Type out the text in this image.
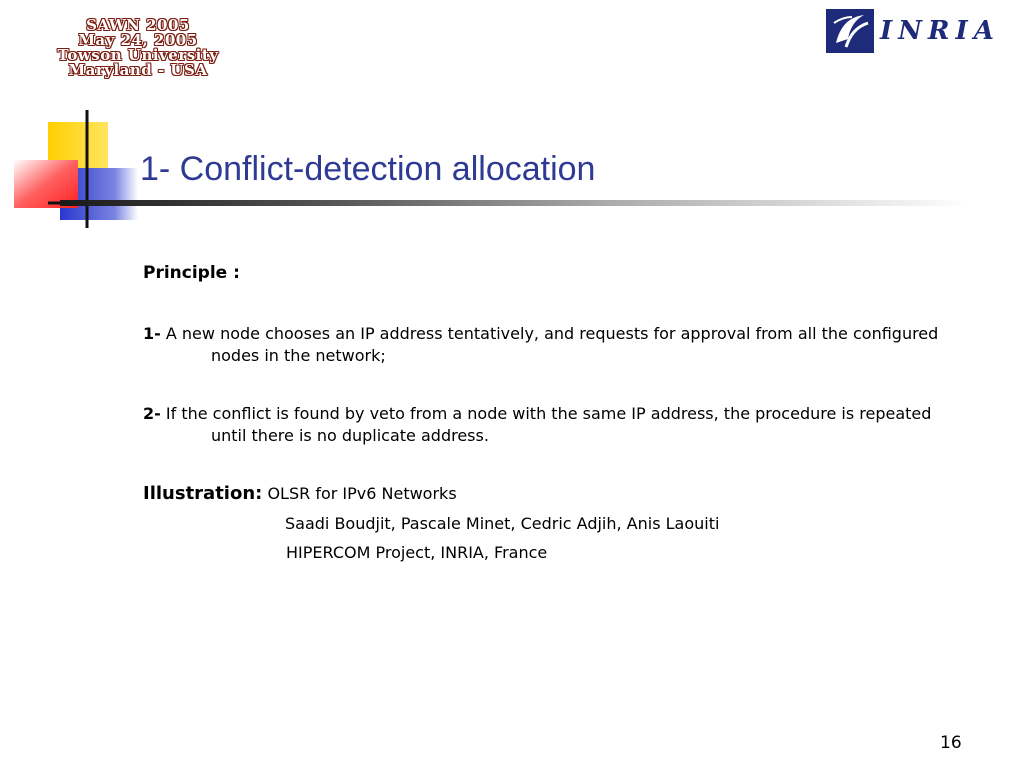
SAWN 2005
May 24, 2005
Towson University
Maryland - USA
INRIA
1- Conflict-detection allocation

Principle :

1- A new node chooses an IP address tentatively, and requests for approval from all the configured nodes in the network;

2- If the conflict is found by veto from a node with the same IP address, the procedure is repeated until there is no duplicate address.

Illustration: OLSR for IPv6 Networks

Saadi Boudjit, Pascale Minet, Cedric Adjih, Anis Laouiti

HIPERCOM Project, INRIA, France

16
